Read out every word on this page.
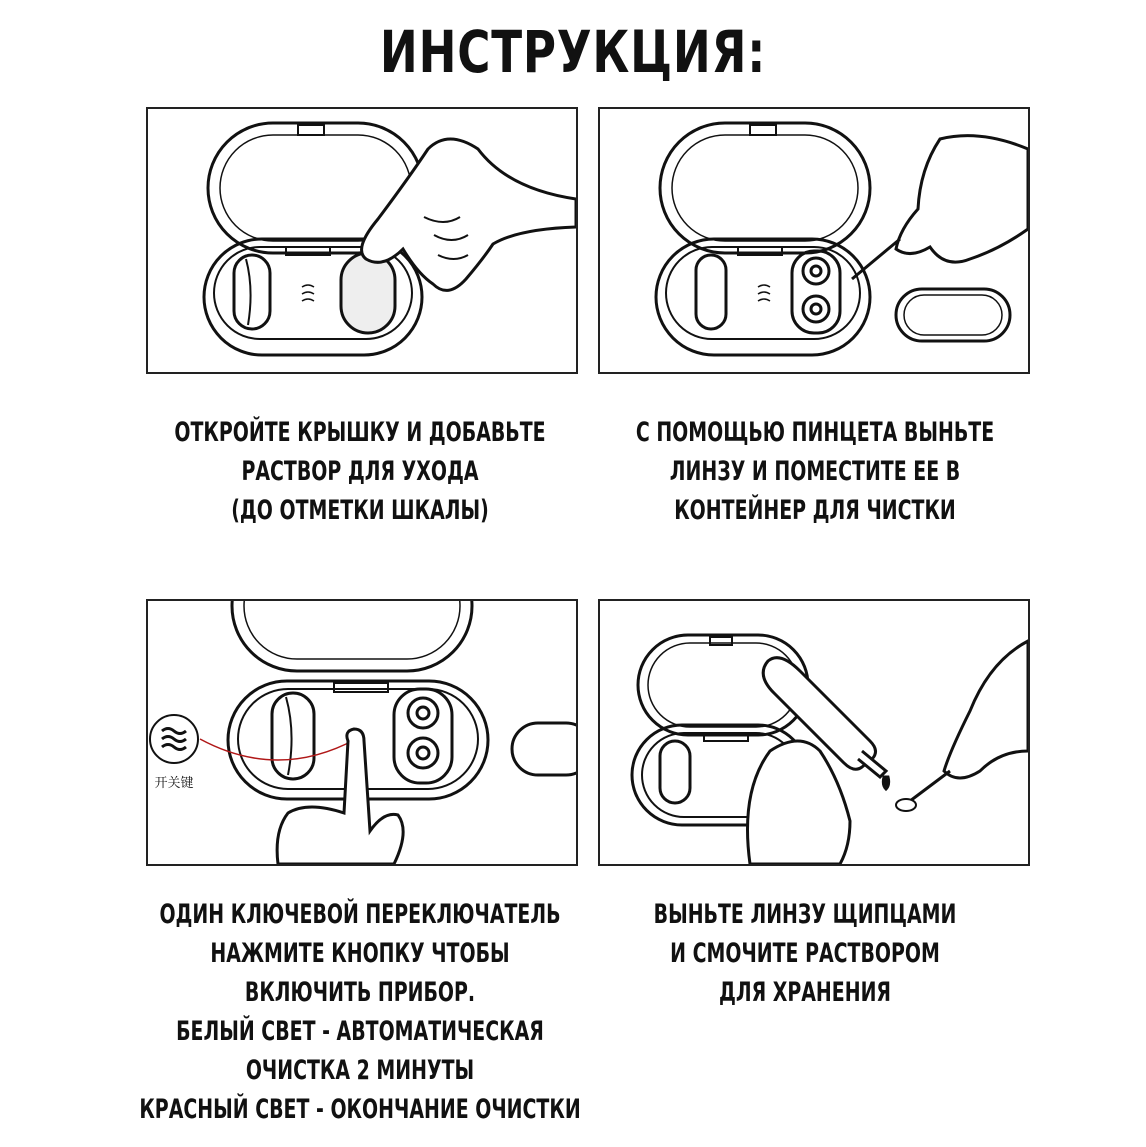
ИНСТРУКЦИЯ:
开关键
ОТКРОЙТЕ КРЫШКУ И ДОБАВЬТЕ
РАСТВОР ДЛЯ УХОДА
(ДО ОТМЕТКИ ШКАЛЫ)
С ПОМОЩЬЮ ПИНЦЕТА ВЫНЬТЕ
ЛИНЗУ И ПОМЕСТИТЕ ЕЕ В
КОНТЕЙНЕР ДЛЯ ЧИСТКИ
ОДИН КЛЮЧЕВОЙ ПЕРЕКЛЮЧАТЕЛЬ
НАЖМИТЕ КНОПКУ ЧТОБЫ
ВКЛЮЧИТЬ ПРИБОР.
БЕЛЫЙ СВЕТ - АВТОМАТИЧЕСКАЯ
ОЧИСТКА 2 МИНУТЫ
КРАСНЫЙ СВЕТ - ОКОНЧАНИЕ ОЧИСТКИ
ВЫНЬТЕ ЛИНЗУ ЩИПЦАМИ
И СМОЧИТЕ РАСТВОРОМ
ДЛЯ ХРАНЕНИЯ
